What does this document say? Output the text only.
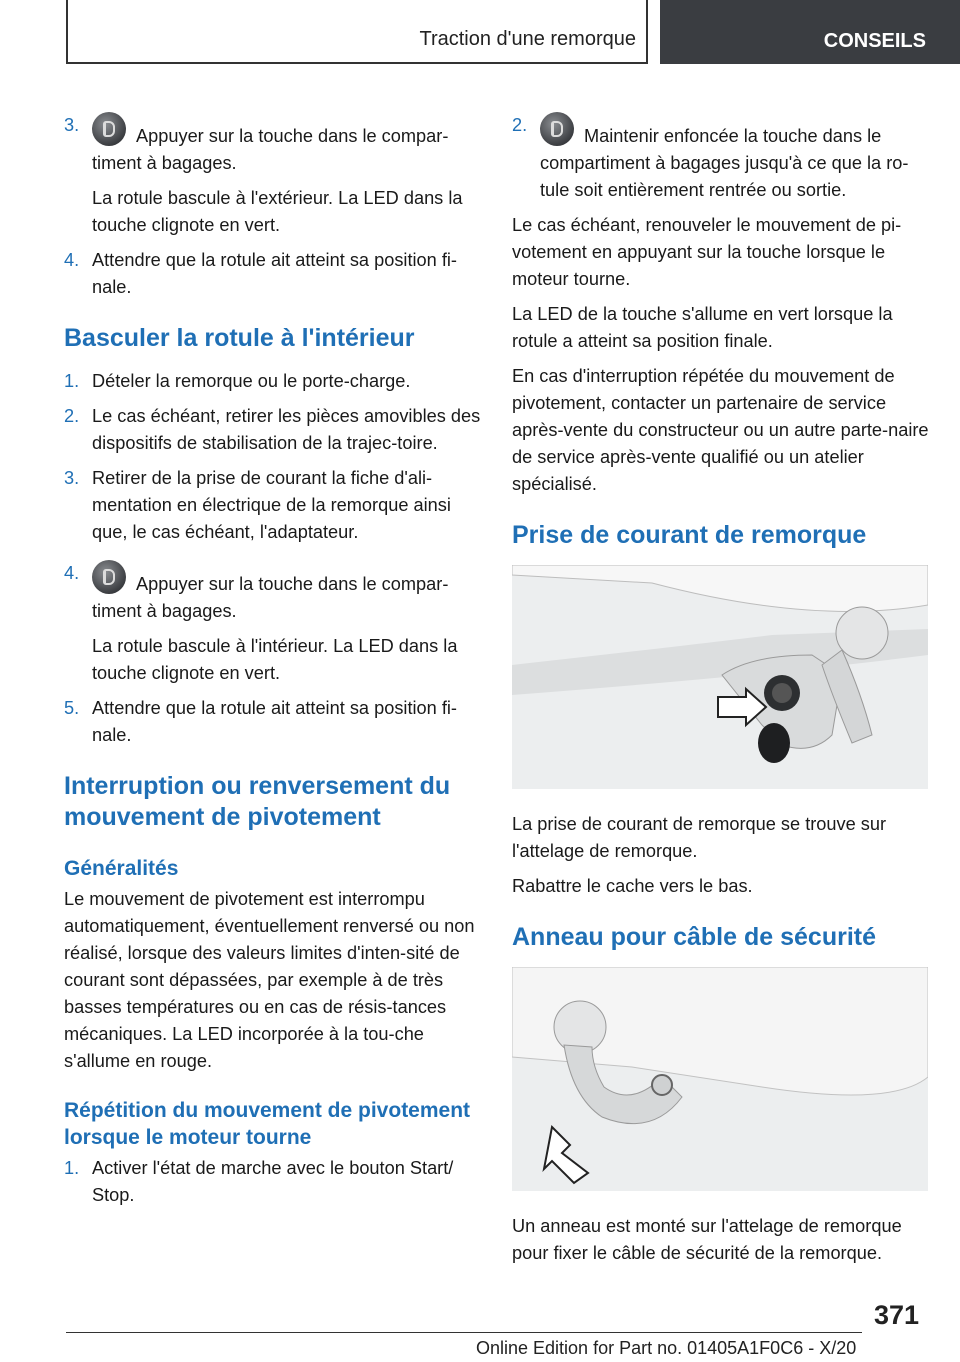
Traction d'une remorque	CONSEILS
3.
Appuyer sur la touche dans le compar-timent à bagages.

La rotule bascule à l'extérieur. La LED dans la touche clignote en vert.

4. Attendre que la rotule ait atteint sa position fi-nale.
Basculer la rotule à l'intérieur
1. Dételer la remorque ou le porte-charge.
2. Le cas échéant, retirer les pièces amovibles des dispositifs de stabilisation de la trajec-toire.
3. Retirer de la prise de courant la fiche d'ali-mentation en électrique de la remorque ainsi que, le cas échéant, l'adaptateur.
4.
Appuyer sur la touche dans le compar-timent à bagages.

La rotule bascule à l'intérieur. La LED dans la touche clignote en vert.

5. Attendre que la rotule ait atteint sa position fi-nale.
Interruption ou renversement du mouvement de pivotement
Généralités

Le mouvement de pivotement est interrompu automatiquement, éventuellement renversé ou non réalisé, lorsque des valeurs limites d'inten-sité de courant sont dépassées, par exemple à de très basses températures ou en cas de résis-tances mécaniques. La LED incorporée à la tou-che s'allume en rouge.

Répétition du mouvement de pivotement lorsque le moteur tourne
1. Activer l'état de marche avec le bouton Start/ Stop.
2.
Maintenir enfoncée la touche dans le compartiment à bagages jusqu'à ce que la ro-tule soit entièrement rentrée ou sortie.

Le cas échéant, renouveler le mouvement de pi-votement en appuyant sur la touche lorsque le moteur tourne.

La LED de la touche s'allume en vert lorsque la rotule a atteint sa position finale.

En cas d'interruption répétée du mouvement de pivotement, contacter un partenaire de service après-vente du constructeur ou un autre parte-naire de service après-vente qualifié ou un atelier spécialisé.

Prise de courant de remorque

La prise de courant de remorque se trouve sur l'attelage de remorque.

Rabattre le cache vers le bas.

Anneau pour câble de sécurité

Un anneau est monté sur l'attelage de remorque pour fixer le câble de sécurité de la remorque.

371
Online Edition for Part no. 01405A1F0C6 - X/20
